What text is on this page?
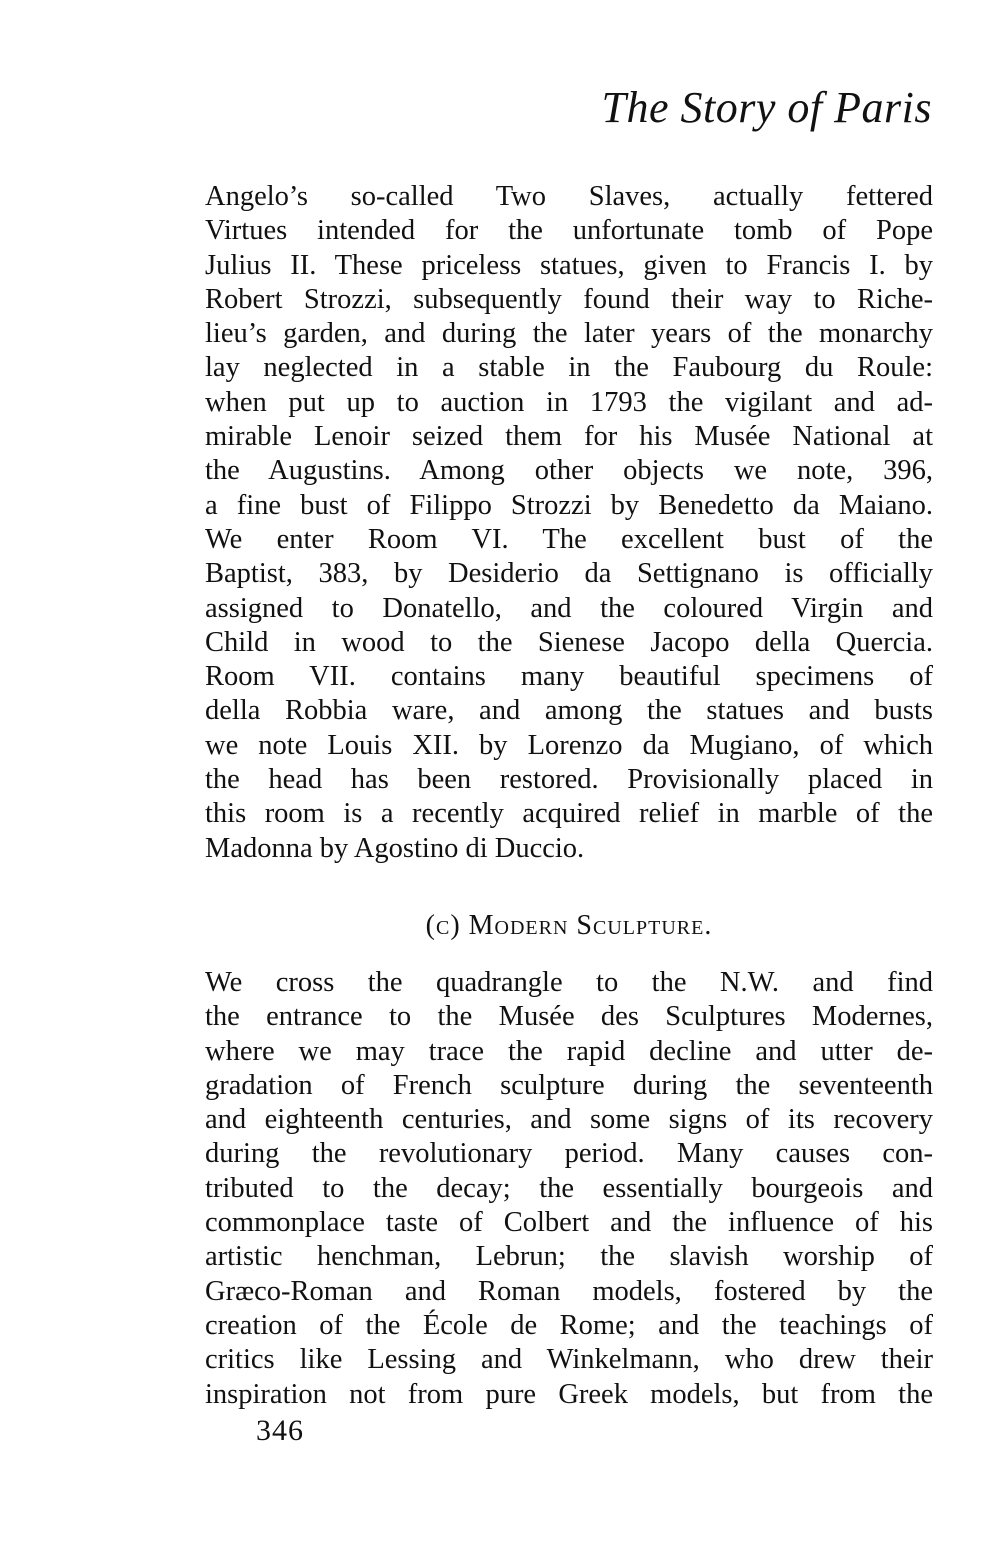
The Story of Paris
Angelo’s so-called Two Slaves, actually fettered
Virtues intended for the unfortunate tomb of Pope
Julius II. These priceless statues, given to Francis I. by
Robert Strozzi, subsequently found their way to Riche-
lieu’s garden, and during the later years of the monarchy
lay neglected in a stable in the Faubourg du Roule:
when put up to auction in 1793 the vigilant and ad-
mirable Lenoir seized them for his Musée National at
the Augustins. Among other objects we note, 396,
a fine bust of Filippo Strozzi by Benedetto da Maiano.
We enter Room VI. The excellent bust of the
Baptist, 383, by Desiderio da Settignano is officially
assigned to Donatello, and the coloured Virgin and
Child in wood to the Sienese Jacopo della Quercia.
Room VII. contains many beautiful specimens of
della Robbia ware, and among the statues and busts
we note Louis XII. by Lorenzo da Mugiano, of which
the head has been restored. Provisionally placed in
this room is a recently acquired relief in marble of the
Madonna by Agostino di Duccio.
(c) Modern Sculpture.
We cross the quadrangle to the N.W. and find
the entrance to the Musée des Sculptures Modernes,
where we may trace the rapid decline and utter de-
gradation of French sculpture during the seventeenth
and eighteenth centuries, and some signs of its recovery
during the revolutionary period. Many causes con-
tributed to the decay; the essentially bourgeois and
commonplace taste of Colbert and the influence of his
artistic henchman, Lebrun; the slavish worship of
Græco-Roman and Roman models, fostered by the
creation of the École de Rome; and the teachings of
critics like Lessing and Winkelmann, who drew their
inspiration not from pure Greek models, but from the
346
